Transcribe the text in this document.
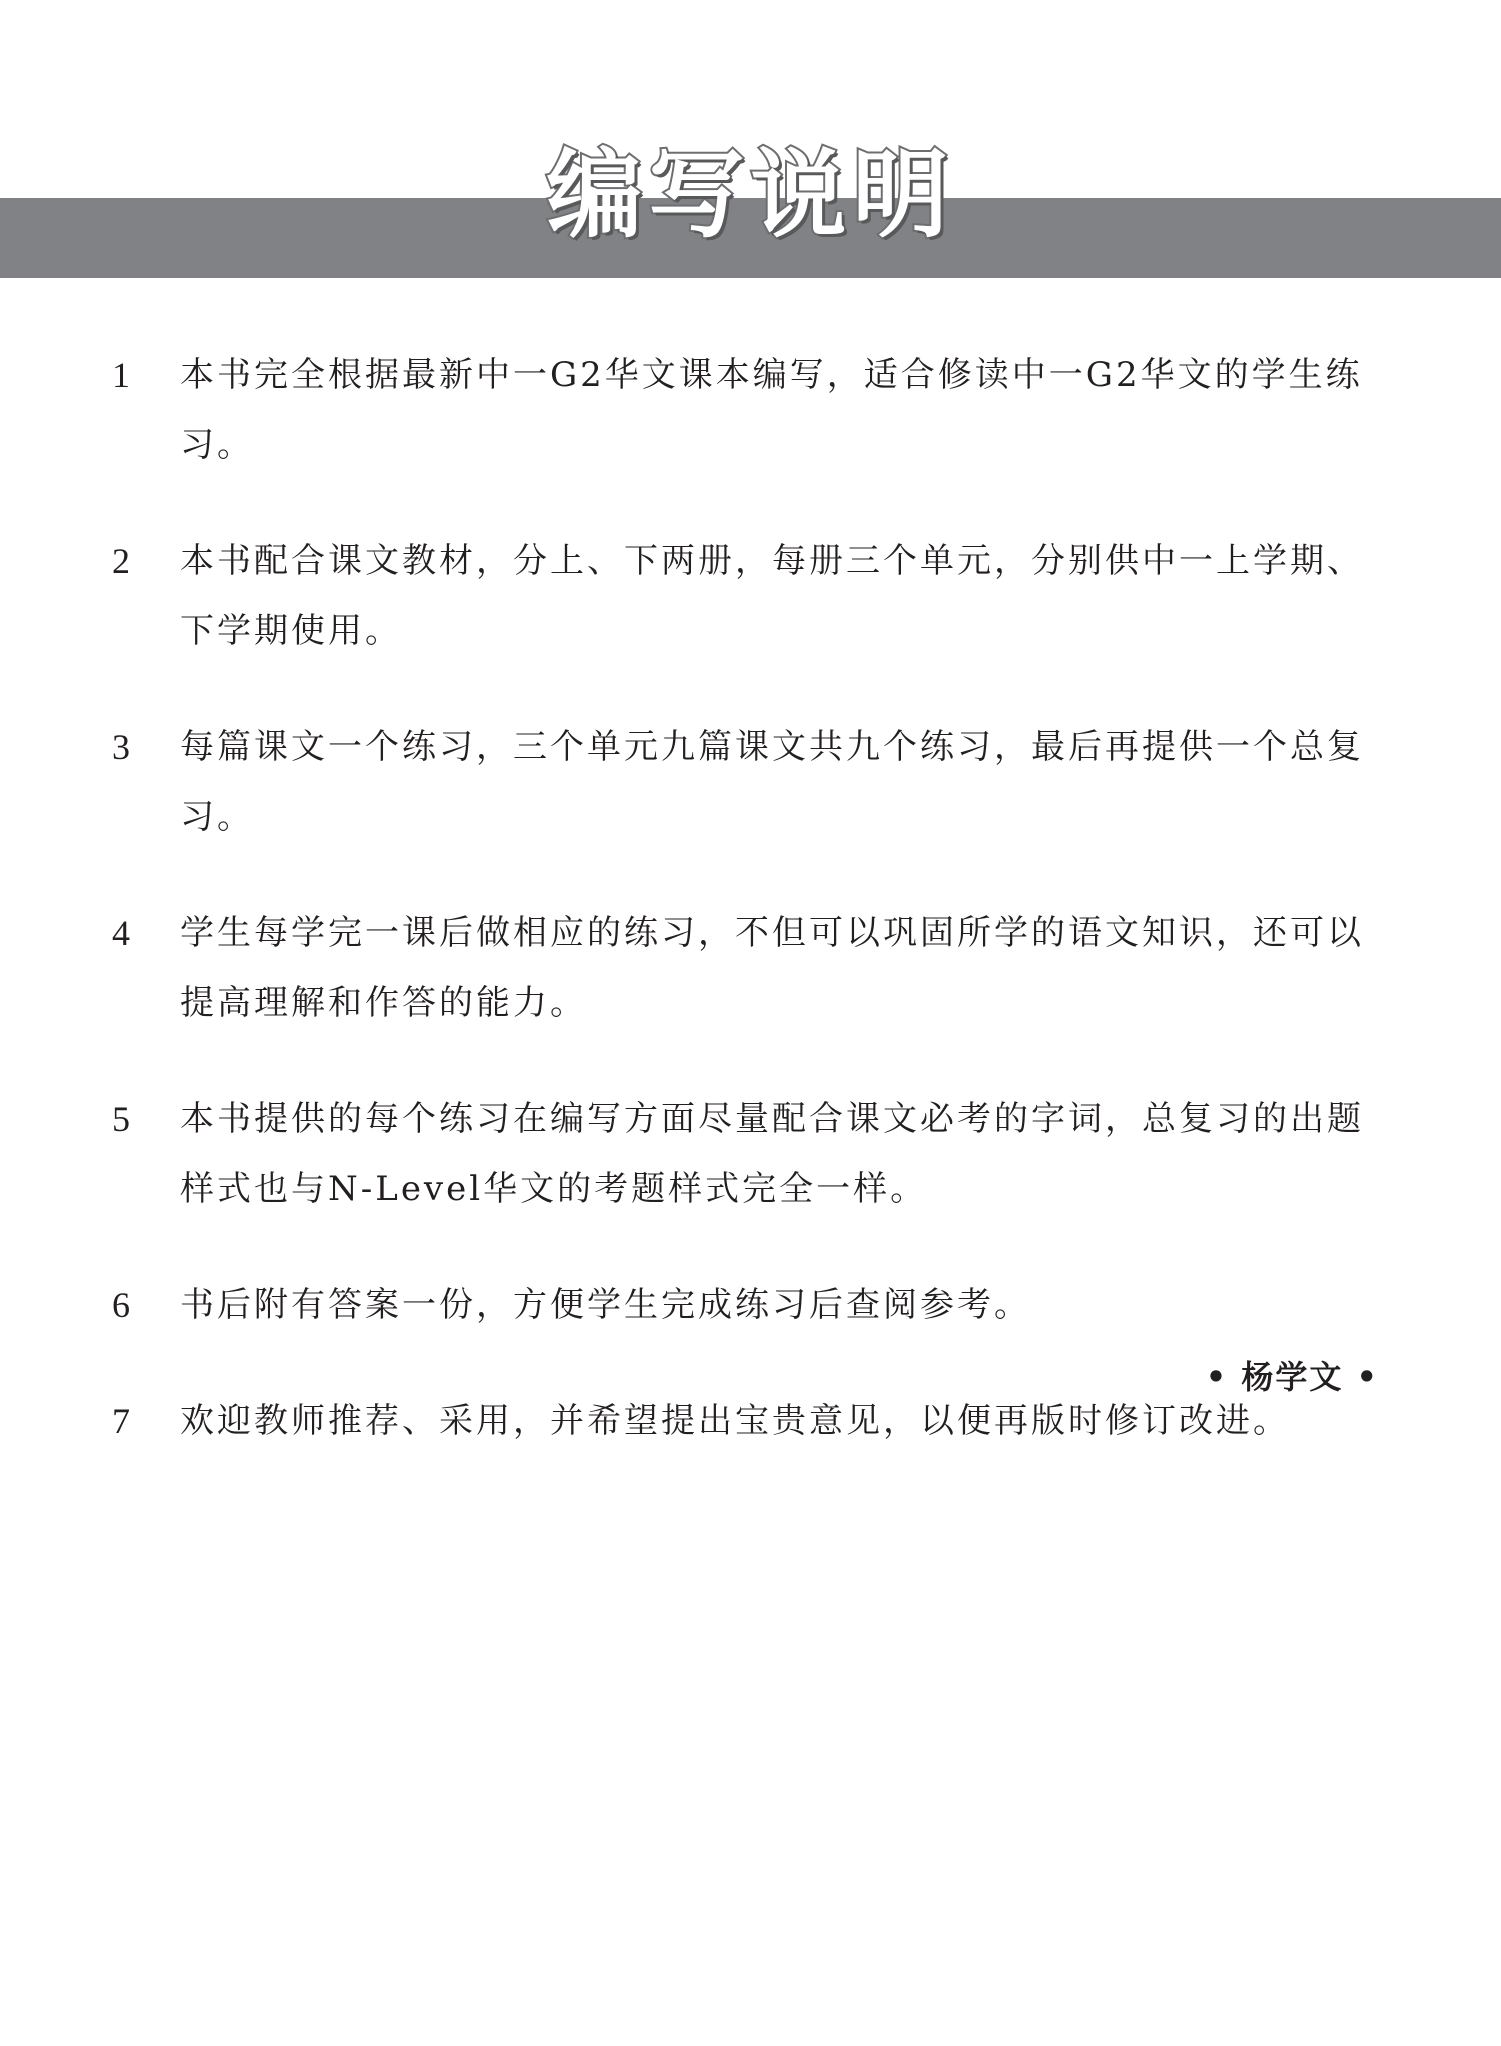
编写说明
1	本书完全根据最新中一G2华文课本编写，适合修读中一G2华文的学生练习。
2	本书配合课文教材，分上、下两册，每册三个单元，分别供中一上学期、下学期使用。
3	每篇课文一个练习，三个单元九篇课文共九个练习，最后再提供一个总复习。
4	学生每学完一课后做相应的练习，不但可以巩固所学的语文知识，还可以提高理解和作答的能力。
5	本书提供的每个练习在编写方面尽量配合课文必考的字词，总复习的出题样式也与N-Level华文的考题样式完全一样。
6	书后附有答案一份，方便学生完成练习后查阅参考。
7	欢迎教师推荐、采用，并希望提出宝贵意见，以便再版时修订改进。
• 杨学文 •
